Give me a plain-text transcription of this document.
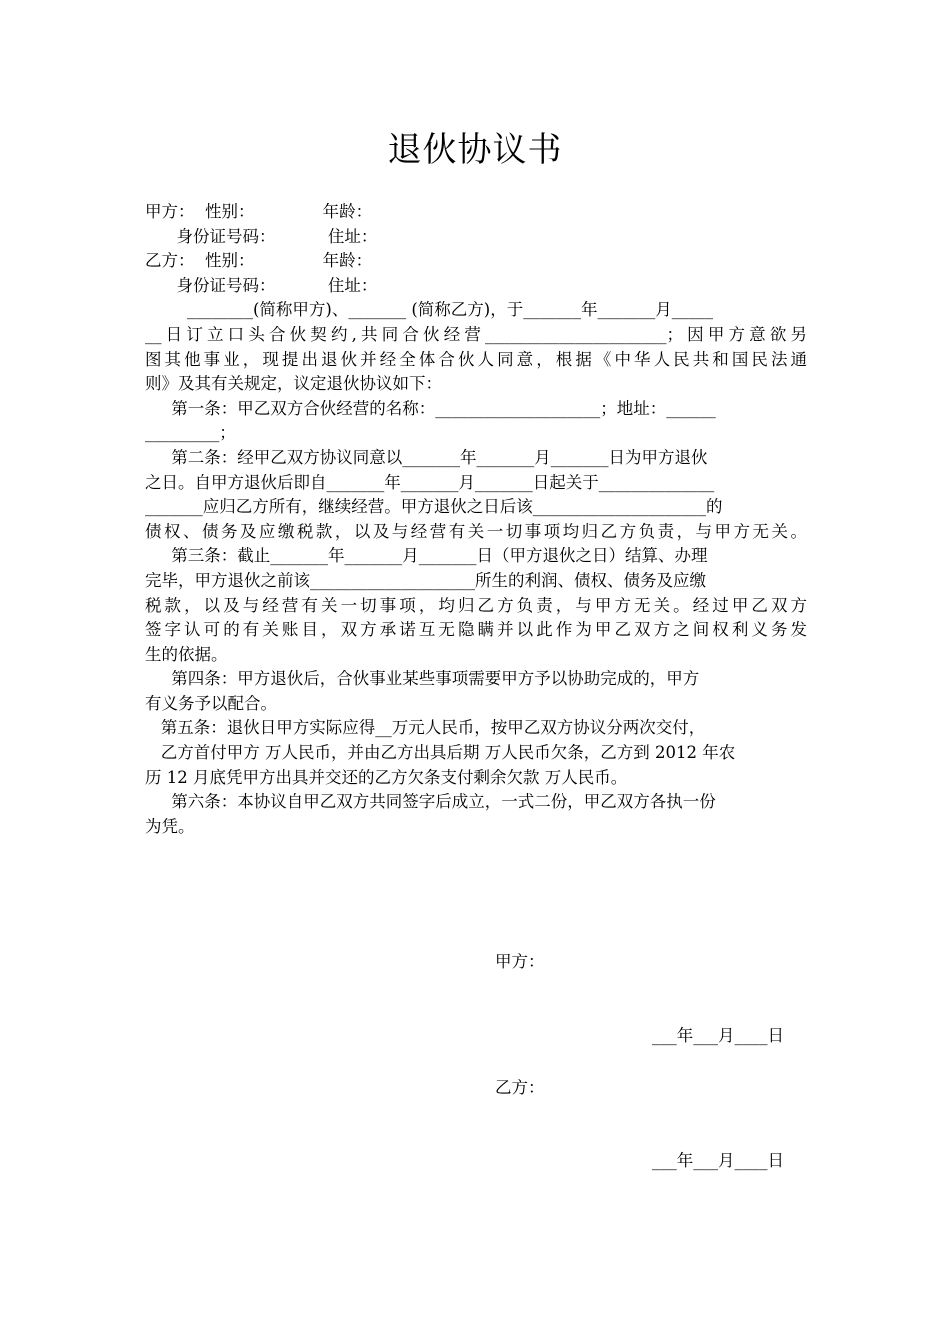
退伙协议书
甲方：  性别：             年龄：
身份证号码：          住址：
乙方：  性别：             年龄：
身份证号码：          住址：
________(简称甲方)、_______ (简称乙方)，于_______年_______月_____
__日订立口头合伙契约,共同合伙经营______________________；因甲方意欲另
图其他事业，现提出退伙并经全体合伙人同意，根据《中华人民共和国民法通
则》及其有关规定，议定退伙协议如下：
第一条：甲乙双方合伙经营的名称：____________________；地址：______
_________；
第二条：经甲乙双方协议同意以_______年_______月_______日为甲方退伙
之日。自甲方退伙后即自_______年_______月_______日起关于______________
_______应归乙方所有，继续经营。甲方退伙之日后该_____________________的
债权、债务及应缴税款，以及与经营有关一切事项均归乙方负责，与甲方无关。
第三条：截止_______年_______月_______日（甲方退伙之日）结算、办理
完毕，甲方退伙之前该____________________所生的利润、债权、债务及应缴
税款，以及与经营有关一切事项，均归乙方负责，与甲方无关。经过甲乙双方
签字认可的有关账目，双方承诺互无隐瞒并以此作为甲乙双方之间权利义务发
生的依据。
第四条：甲方退伙后，合伙事业某些事项需要甲方予以协助完成的，甲方
有义务予以配合。
第五条：退伙日甲方实际应得__万元人民币，按甲乙双方协议分两次交付，
乙方首付甲方 万人民币，并由乙方出具后期 万人民币欠条，乙方到 2012 年农
历 12 月底凭甲方出具并交还的乙方欠条支付剩余欠款 万人民币。
第六条：本协议自甲乙双方共同签字后成立，一式二份，甲乙双方各执一份
为凭。
甲方：
___年___月____日
乙方：
___年___月____日
